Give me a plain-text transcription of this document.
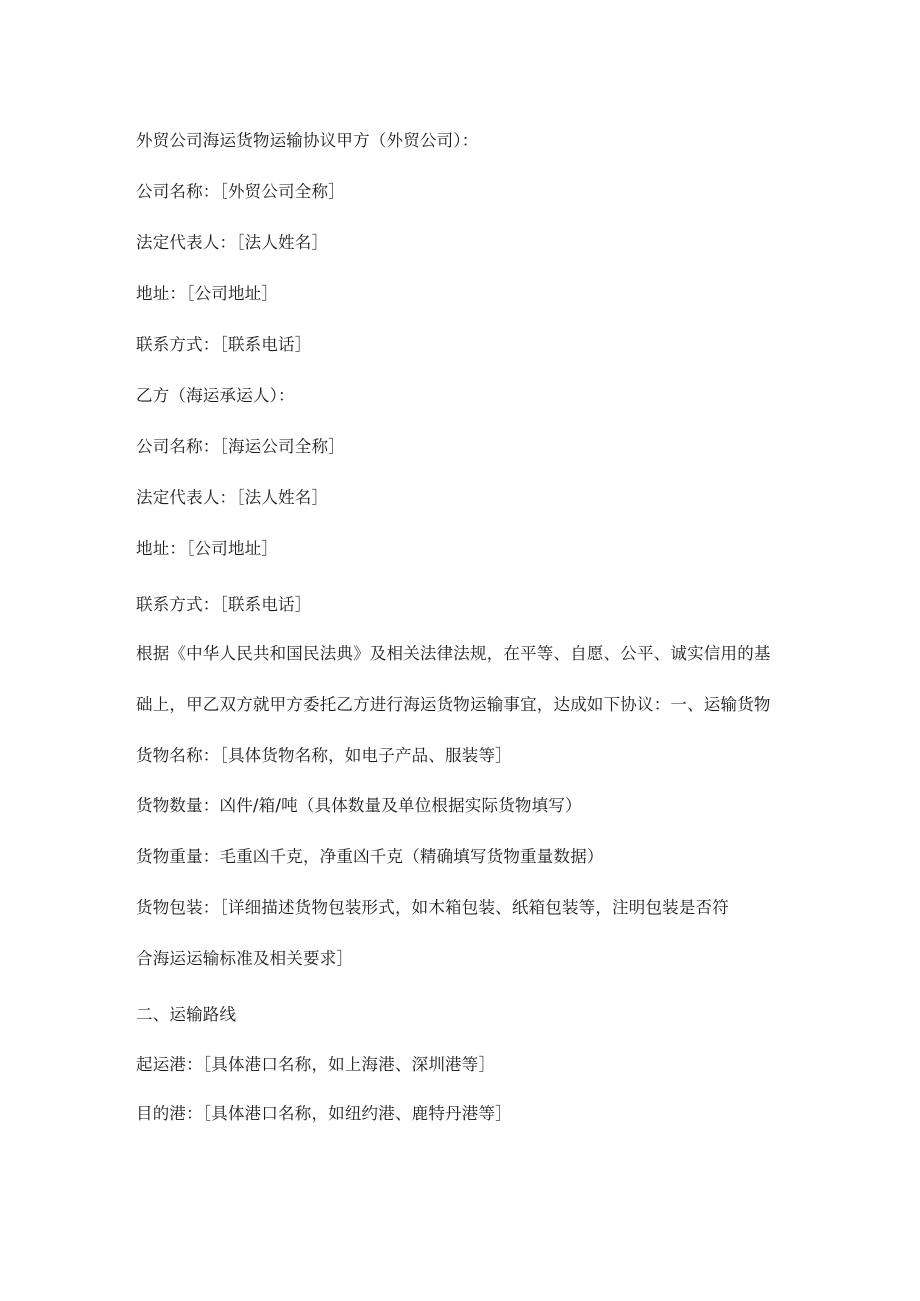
外贸公司海运货物运输协议甲方（外贸公司）：
公司名称：［外贸公司全称］
法定代表人：［法人姓名］
地址：［公司地址］
联系方式：［联系电话］
乙方（海运承运人）：
公司名称：［海运公司全称］
法定代表人：［法人姓名］
地址：［公司地址］
联系方式：［联系电话］
根据《中华人民共和国民法典》及相关法律法规，在平等、自愿、公平、诚实信用的基
础上，甲乙双方就甲方委托乙方进行海运货物运输事宜，达成如下协议：一、运输货物
货物名称：［具体货物名称，如电子产品、服装等］
货物数量：凶件/箱/吨（具体数量及单位根据实际货物填写）
货物重量：毛重凶千克，净重凶千克（精确填写货物重量数据）
货物包装：［详细描述货物包装形式，如木箱包装、纸箱包装等，注明包装是否符
合海运运输标准及相关要求］
二、运输路线
起运港：［具体港口名称，如上海港、深圳港等］
目的港：［具体港口名称，如纽约港、鹿特丹港等］
